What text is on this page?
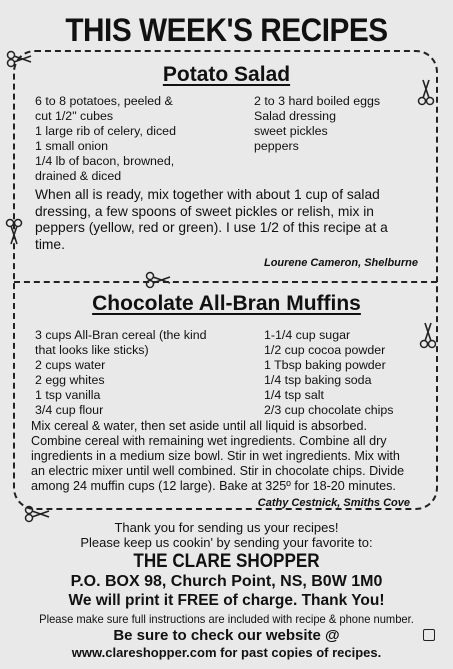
THIS WEEK'S RECIPES
Potato Salad
6 to 8 potatoes, peeled &
cut 1/2" cubes
1 large rib of celery, diced
1 small onion
1/4 lb of bacon, browned,
drained & diced
2 to 3 hard boiled eggs
Salad dressing
sweet pickles
peppers
When all is ready, mix together with about 1 cup of salad
dressing, a few spoons of sweet pickles or relish, mix in
peppers (yellow, red or green). I use 1/2 of this recipe at a
time.
Lourene Cameron, Shelburne
Chocolate All-Bran Muffins
3 cups All-Bran cereal (the kind
that looks like sticks)
2 cups water
2 egg whites
1 tsp vanilla
3/4 cup flour
1-1/4 cup sugar
1/2 cup cocoa powder
1 Tbsp baking powder
1/4 tsp baking soda
1/4 tsp salt
2/3 cup chocolate chips
Mix cereal & water, then set aside until all liquid is absorbed.
Combine cereal with remaining wet ingredients. Combine all dry
ingredients in a medium size bowl. Stir in wet ingredients. Mix with
an electric mixer until well combined. Stir in chocolate chips. Divide
among 24 muffin cups (12 large). Bake at 325º for 18-20 minutes.
Cathy Cestnick, Smiths Cove
Thank you for sending us your recipes!
Please keep us cookin' by sending your favorite to:
THE CLARE SHOPPER
P.O. BOX 98, Church Point, NS, B0W 1M0
We will print it FREE of charge. Thank You!
Please make sure full instructions are included with recipe & phone number.
Be sure to check our website @
www.clareshopper.com for past copies of recipes.
